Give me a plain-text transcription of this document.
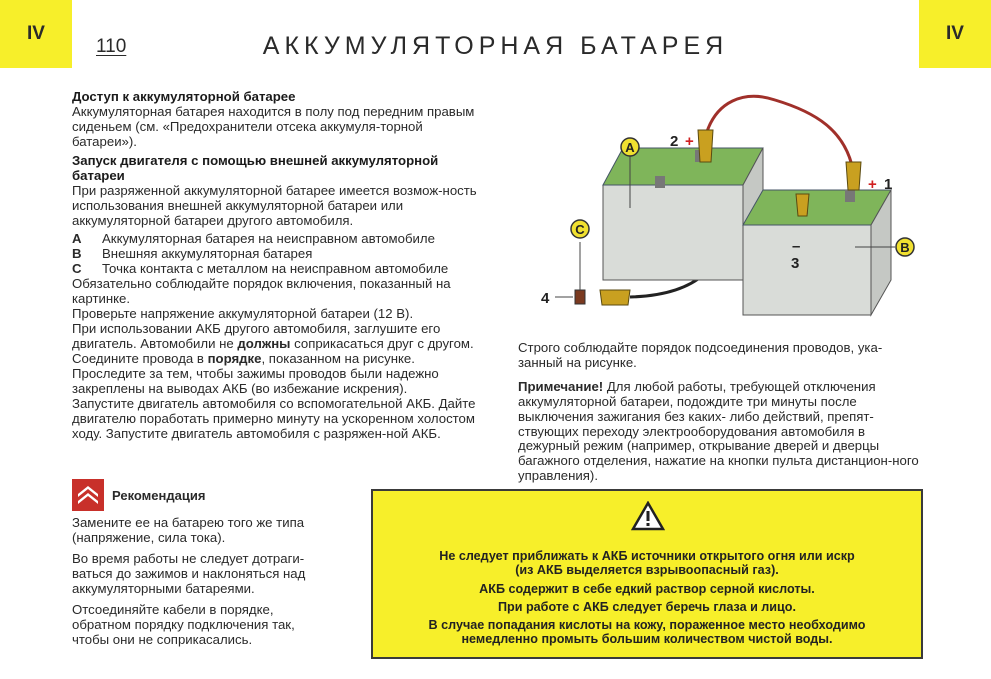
IV	IV
110	АККУМУЛЯТОРНАЯ БАТАРЕЯ

Доступ к аккумуляторной батарее

Аккумуляторная батарея находится в полу под передним правым сиденьем (см. «Предохранители отсека аккумуля-торной батареи»).

Запуск двигателя с помощью внешней аккумуляторной батареи

При разряженной аккумуляторной батарее имеется возмож-ность использования внешней аккумуляторной батареи или аккумуляторной батареи другого автомобиля.

A	Аккумуляторная батарея на неисправном автомобиле
B	Внешняя аккумуляторная батарея
C	Точка контакта с металлом на неисправном автомобиле

Обязательно соблюдайте порядок включения, показанный на картинке.

Проверьте напряжение аккумуляторной батареи (12 В).

При использовании АКБ другого автомобиля, заглушите его двигатель. Автомобили не должны соприкасаться друг с другом.

Соедините провода в порядке, показанном на рисунке. Проследите за тем, чтобы зажимы проводов были надежно закреплены на выводах АКБ (во избежание искрения).

Запустите двигатель автомобиля со вспомогательной АКБ. Дайте двигателю поработать примерно минуту на ускоренном холостом ходу. Запустите двигатель автомобиля с разряжен-ной АКБ.

Рекомендация

Замените ее на батарею того же типа (напряжение, сила тока).

Во время работы не следует дотраги-ваться до зажимов и наклоняться над аккумуляторными батареями.

Отсоединяйте кабели в порядке, обратном порядку подключения так, чтобы они не соприкасались.

A
B
C
2 +
+ 1
–
3
4

Строго соблюдайте порядок подсоединения проводов, ука-занный на рисунке.

Примечание! Для любой работы, требующей отключения аккумуляторной батареи, подождите три минуты после выключения зажигания без каких- либо действий, препят-ствующих переходу электрооборудования автомобиля в дежурный режим (например, открывание дверей и дверцы багажного отделения, нажатие на кнопки пульта дистанцион-ного управления).

Не следует приближать к АКБ источники открытого огня или искр
(из АКБ выделяется взрывоопасный газ).

АКБ содержит в себе едкий раствор серной кислоты.

При работе с АКБ следует беречь глаза и лицо.

В случае попадания кислоты на кожу, пораженное место необходимо
немедленно промыть большим количеством чистой воды.
